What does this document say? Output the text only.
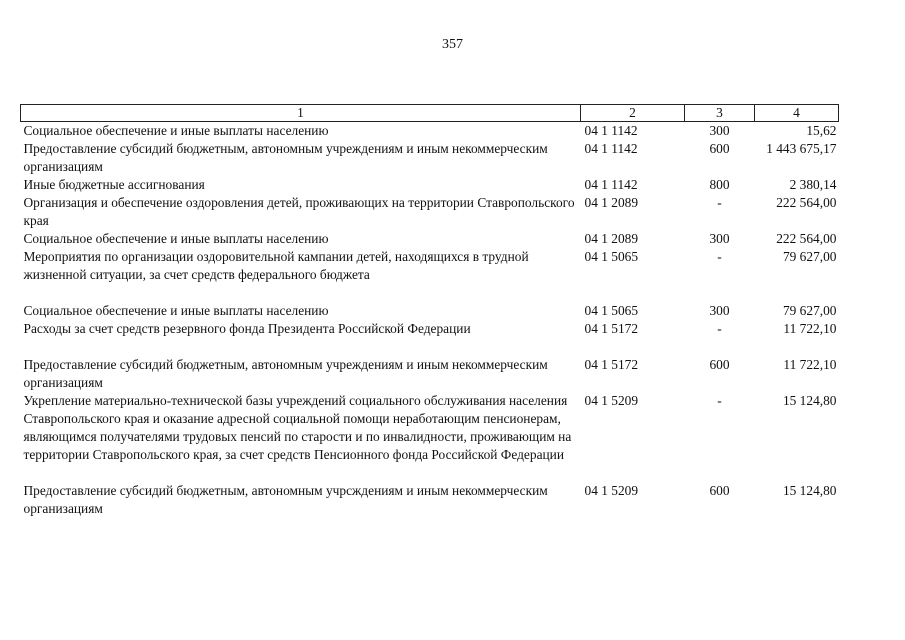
357
1	2	3	4
Социальное обеспечение и иные выплаты населению	04 1 1142	300	15,62
Предоставление субсидий бюджетным, автономным учреждениям и иным некоммерческим организациям	04 1 1142	600	1 443 675,17
Иные бюджетные ассигнования	04 1 1142	800	2 380,14
Организация и обеспечение оздоровления детей, проживающих на территории Ставропольского края	04 1 2089	-	222 564,00
Социальное обеспечение и иные выплаты населению	04 1 2089	300	222 564,00
Мероприятия по организации оздоровительной кампании детей, находящихся в трудной жизненной ситуации, за счет средств федерального бюджета	04 1 5065	-	79 627,00
Социальное обеспечение и иные выплаты населению	04 1 5065	300	79 627,00
Расходы за счет средств резервного фонда Президента Российской Федерации	04 1 5172	-	11 722,10
Предоставление субсидий бюджетным, автономным учреждениям и иным некоммерческим организациям	04 1 5172	600	11 722,10
Укрепление материально-технической базы учреждений социального обслуживания населения Ставропольского края и оказание адресной социальной помощи неработающим пенсионерам, являющимся получателями трудовых пенсий по старости и по инвалидности, проживающим на территории Ставропольского края, за счет средств Пенсионного фонда Российской Федерации	04 1 5209	-	15 124,80
Предоставление субсидий бюджетным, автономным учрсждениям и иным некоммерческим организациям	04 1 5209	600	15 124,80
